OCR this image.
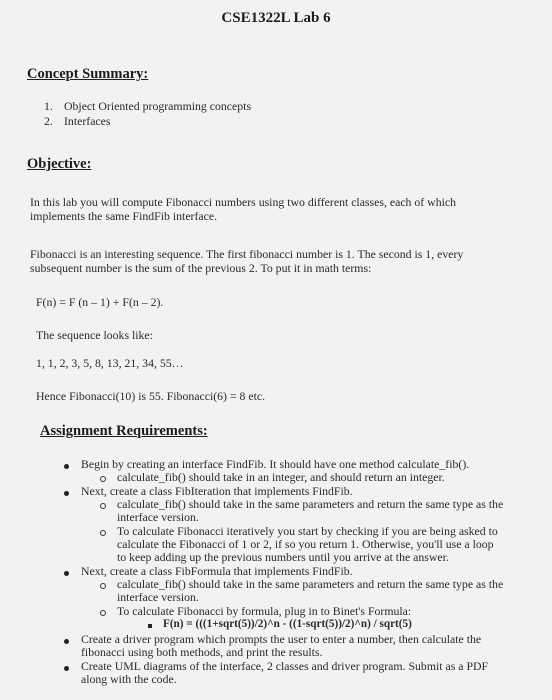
CSE1322L Lab 6
Concept Summary:
1. Object Oriented programming concepts
2. Interfaces
Objective:
In this lab you will compute Fibonacci numbers using two different classes, each of which
implements the same FindFib interface.
Fibonacci is an interesting sequence. The first fibonacci number is 1. The second is 1, every
subsequent number is the sum of the previous 2. To put it in math terms:
F(n) = F (n – 1) + F(n – 2).
The sequence looks like:
1, 1, 2, 3, 5, 8, 13, 21, 34, 55…
Hence Fibonacci(10) is 55. Fibonacci(6) = 8 etc.
Assignment Requirements:
Begin by creating an interface FindFib. It should have one method calculate_fib().
calculate_fib() should take in an integer, and should return an integer.
Next, create a class FibIteration that implements FindFib.
calculate_fib() should take in the same parameters and return the same type as the
interface version.
To calculate Fibonacci iteratively you start by checking if you are being asked to
calculate the Fibonacci of 1 or 2, if so you return 1. Otherwise, you'll use a loop
to keep adding up the previous numbers until you arrive at the answer.
Next, create a class FibFormula that implements FindFib.
calculate_fib() should take in the same parameters and return the same type as the
interface version.
To calculate Fibonacci by formula, plug in to Binet's Formula:
F(n) = (((1+sqrt(5))/2)^n - ((1-sqrt(5))/2)^n) / sqrt(5)
Create a driver program which prompts the user to enter a number, then calculate the
fibonacci using both methods, and print the results.
Create UML diagrams of the interface, 2 classes and driver program. Submit as a PDF
along with the code.
